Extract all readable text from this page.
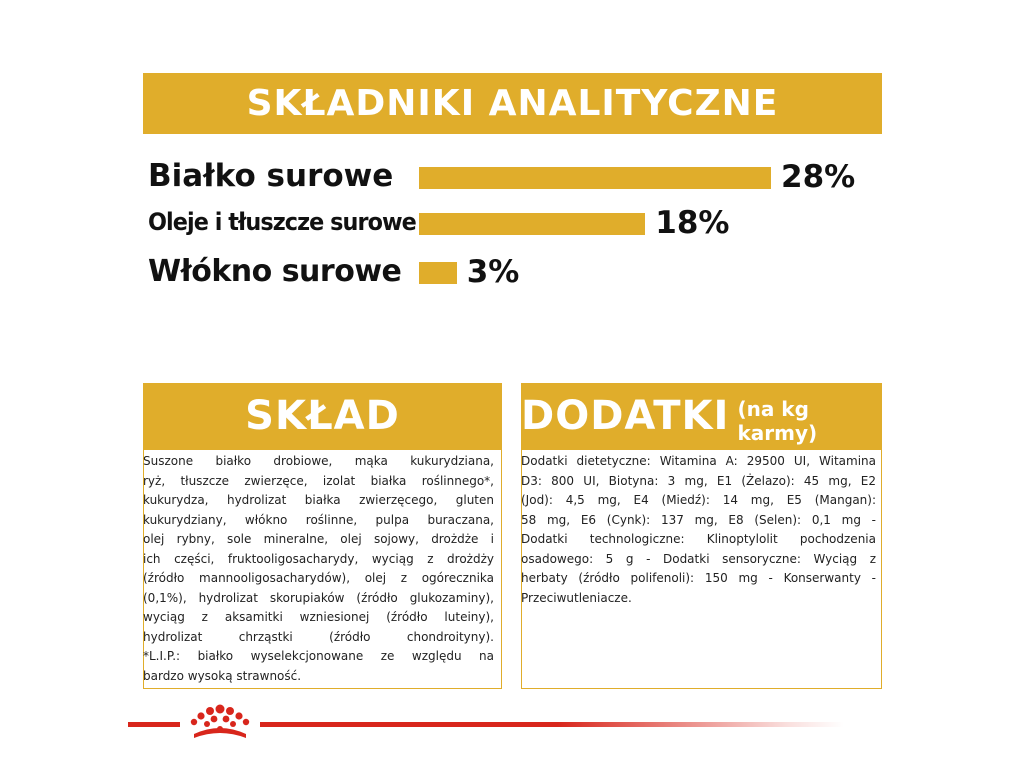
SKŁADNIKI ANALITYCZNE
Białko surowe	28%
Oleje i tłuszcze surowe	18%
Włókno surowe 3%
SKŁAD
Suszone białko drobiowe, mąka kukurydziana,
ryż, tłuszcze zwierzęce, izolat białka roślinnego*,
kukurydza, hydrolizat białka zwierzęcego, gluten
kukurydziany, włókno roślinne, pulpa buraczana,
olej rybny, sole mineralne, olej sojowy, drożdże i
ich części, fruktooligosacharydy, wyciąg z drożdży
(źródło mannooligosacharydów), olej z ogórecznika
(0,1%), hydrolizat skorupiaków (źródło glukozaminy),
wyciąg z aksamitki wzniesionej (źródło luteiny),
hydrolizat chrząstki (źródło chondroityny).
*L.I.P.: białko wyselekcjonowane ze względu na
bardzo wysoką strawność.
DODATKI (na kg karmy)
Dodatki dietetyczne: Witamina A: 29500 UI, Witamina
D3: 800 UI, Biotyna: 3 mg, E1 (Żelazo): 45 mg, E2
(Jod): 4,5 mg, E4 (Miedź): 14 mg, E5 (Mangan):
58 mg, E6 (Cynk): 137 mg, E8 (Selen): 0,1 mg -
Dodatki technologiczne: Klinoptylolit pochodzenia
osadowego: 5 g - Dodatki sensoryczne: Wyciąg z
herbaty (źródło polifenoli): 150 mg - Konserwanty -
Przeciwutleniacze.
